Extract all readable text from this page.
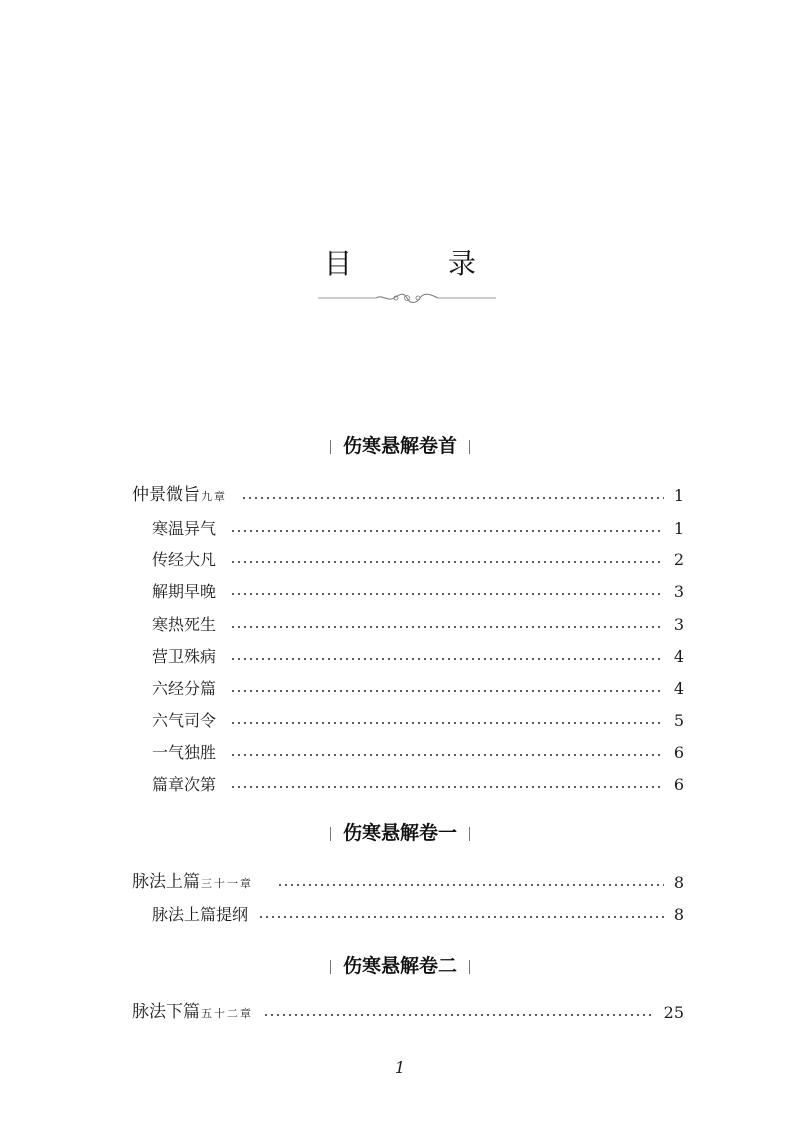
目　录
伤寒悬解卷首
仲景微旨九章	1
寒温异气	1
传经大凡	2
解期早晚	3
寒热死生	3
营卫殊病	4
六经分篇	4
六气司令	5
一气独胜	6
篇章次第	6
伤寒悬解卷一
脉法上篇三十一章	8
脉法上篇提纲	8
伤寒悬解卷二
脉法下篇五十二章	25
1
